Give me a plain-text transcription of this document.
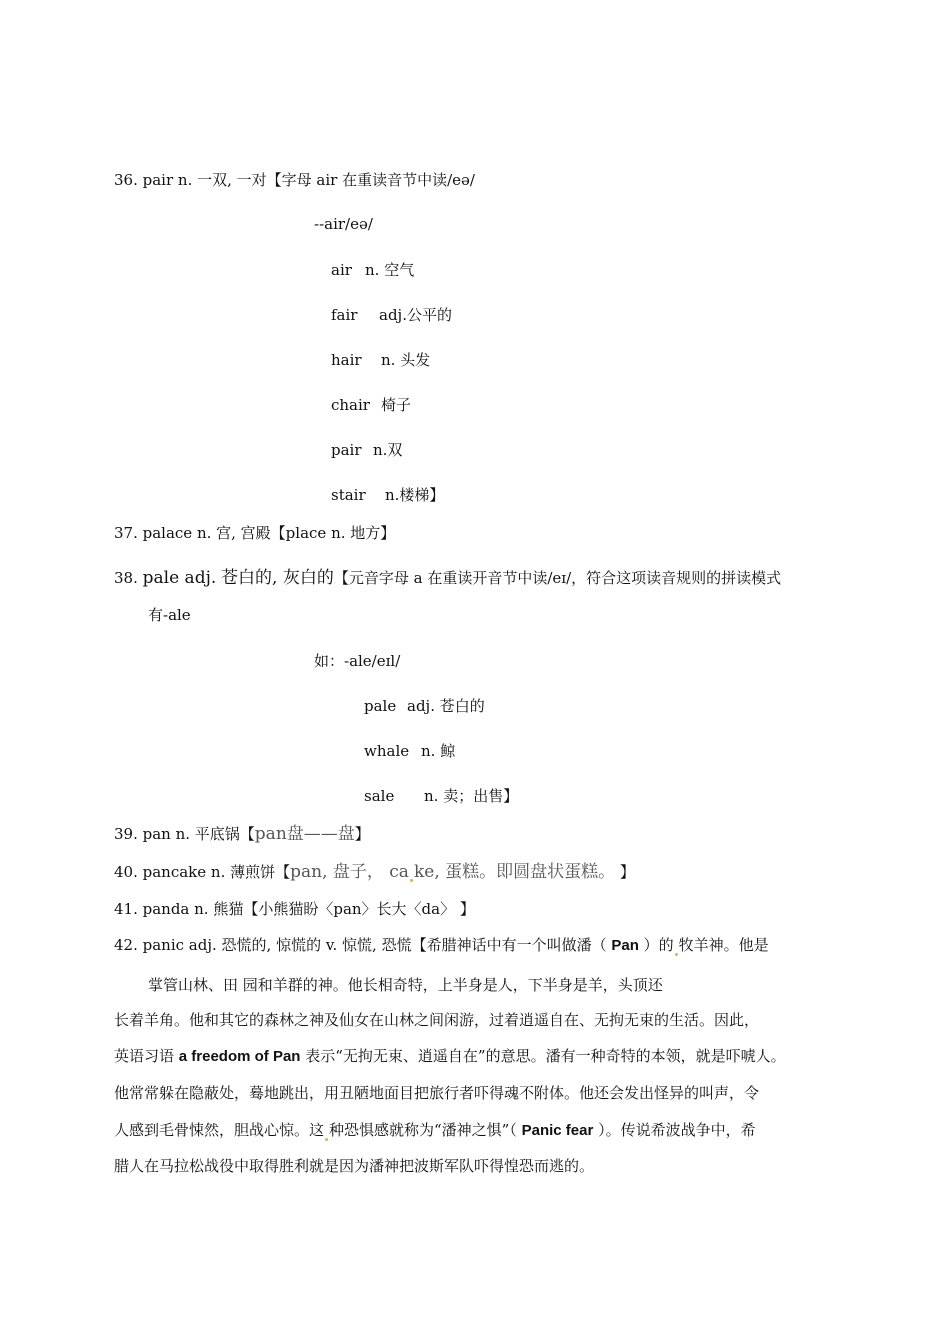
36. pair n. 一双, 一对【字母 air 在重读音节中读/eə/
--air/eə/
air n. 空气
fair adj.公平的
hair n. 头发
chair 椅子
pair n.双
stair n.楼梯】
37. palace n. 宫, 宫殿【place n. 地方】
38. pale adj. 苍白的, 灰白的【元音字母 a 在重读开音节中读/eɪ/，符合这项读音规则的拼读模式
有-ale
如：-ale/eɪl/
pale adj. 苍白的
whale n. 鲸
sale n. 卖；出售】
39. pan n. 平底锅【pan盘——盘】
40. pancake n. 薄煎饼【pan, 盘子， ca ke, 蛋糕。即圆盘状蛋糕。 】
41. panda n. 熊猫【小熊猫盼〈pan〉长大〈da〉 】
42. panic adj. 恐慌的, 惊慌的 v. 惊慌, 恐慌【希腊神话中有一个叫做潘（ Pan ）的 牧羊神。他是
掌管山林、田 园和羊群的神。他长相奇特，上半身是人，下半身是羊，头顶还
长着羊角。他和其它的森林之神及仙女在山林之间闲游，过着逍遥自在、无拘无束的生活。因此，
英语习语 a freedom of Pan 表示“无拘无束、逍遥自在”的意思。潘有一种奇特的本领，就是吓唬人。
他常常躲在隐蔽处，蓦地跳出，用丑陋地面目把旅行者吓得魂不附体。他还会发出怪异的叫声，令
人感到毛骨悚然，胆战心惊。这 种恐惧感就称为“潘神之惧”（ Panic fear ）。传说希波战争中，希
腊人在马拉松战役中取得胜利就是因为潘神把波斯军队吓得惶恐而逃的。
